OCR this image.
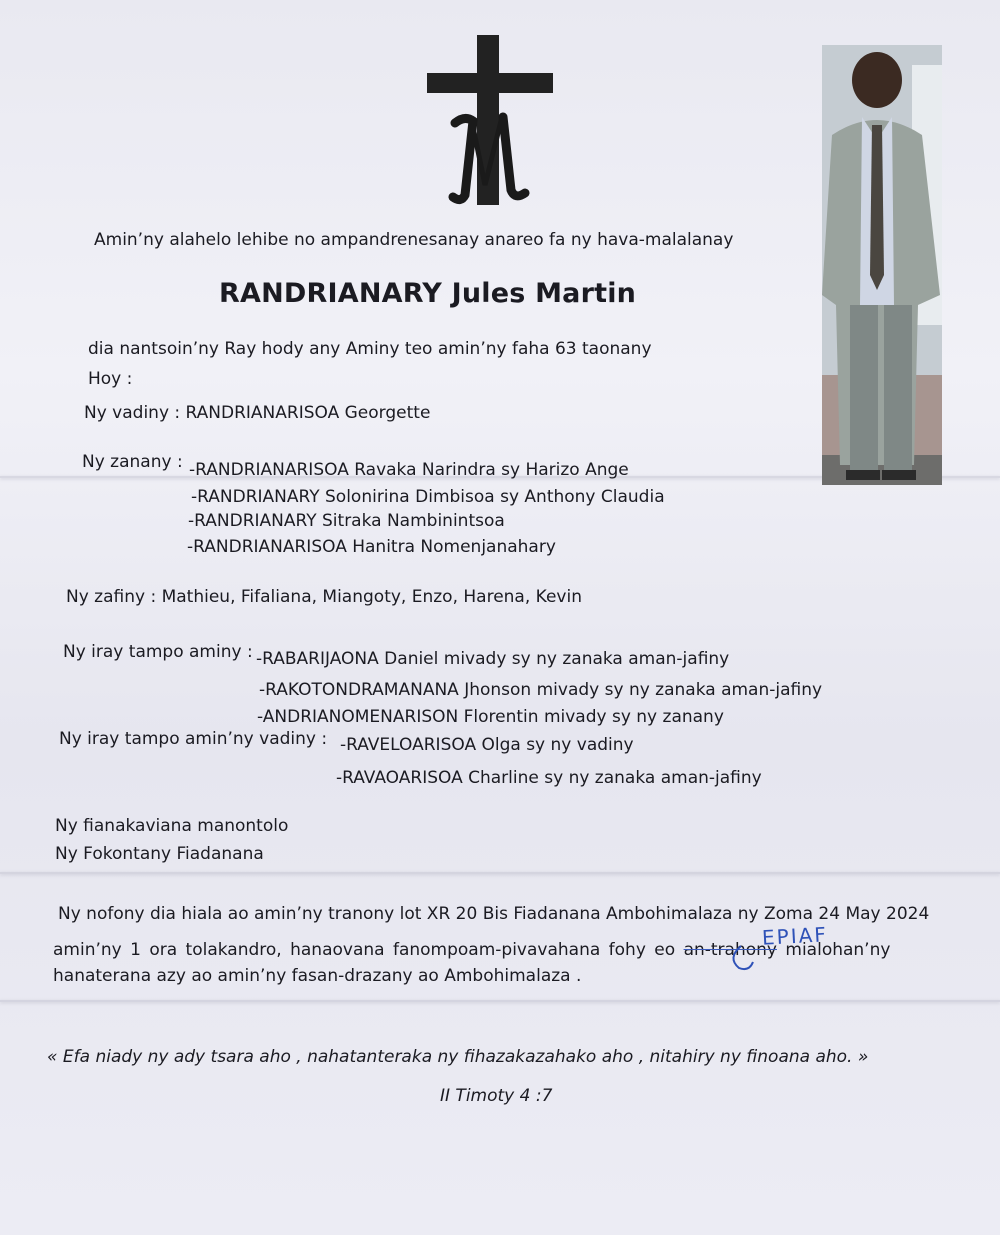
Amin’ny alahelo lehibe no ampandrenesanay anareo fa ny hava-malalanay
RANDRIANARY Jules Martin
dia nantsoin’ny Ray hody any Aminy teo amin’ny faha 63 taonany
Hoy :
Ny vadiny : RANDRIANARISOA Georgette
Ny zanany : -RANDRIANARISOA Ravaka Narindra sy Harizo Ange
-RANDRIANARY Solonirina Dimbisoa sy Anthony Claudia
-RANDRIANARY Sitraka Nambinintsoa
-RANDRIANARISOA Hanitra Nomenjanahary
Ny zafiny : Mathieu, Fifaliana, Miangoty, Enzo, Harena, Kevin
Ny iray tampo aminy : -RABARIJAONA Daniel mivady sy ny zanaka aman-jafiny
-RAKOTONDRAMANANA Jhonson mivady sy ny zanaka aman-jafiny
-ANDRIANOMENARISON Florentin mivady sy ny zanany
Ny iray tampo amin’ny vadiny : -RAVELOARISOA Olga sy ny vadiny
-RAVAOARISOA Charline sy ny zanaka aman-jafiny
Ny fianakaviana manontolo
Ny Fokontany Fiadanana
Ny nofony dia hiala ao amin’ny tranony lot XR 20 Bis Fiadanana Ambohimalaza ny Zoma 24 May 2024
amin’ny 1 ora tolakandro, hanaovana fanompoam-pivavahana fohy eo an-trahony mialohan’ny
EPIAF
hanaterana azy ao amin’ny fasan-drazany ao Ambohimalaza .
« Efa niady ny ady tsara aho , nahatanteraka ny fihazakazahako aho , nitahiry ny finoana aho. »
II Timoty 4 :7
